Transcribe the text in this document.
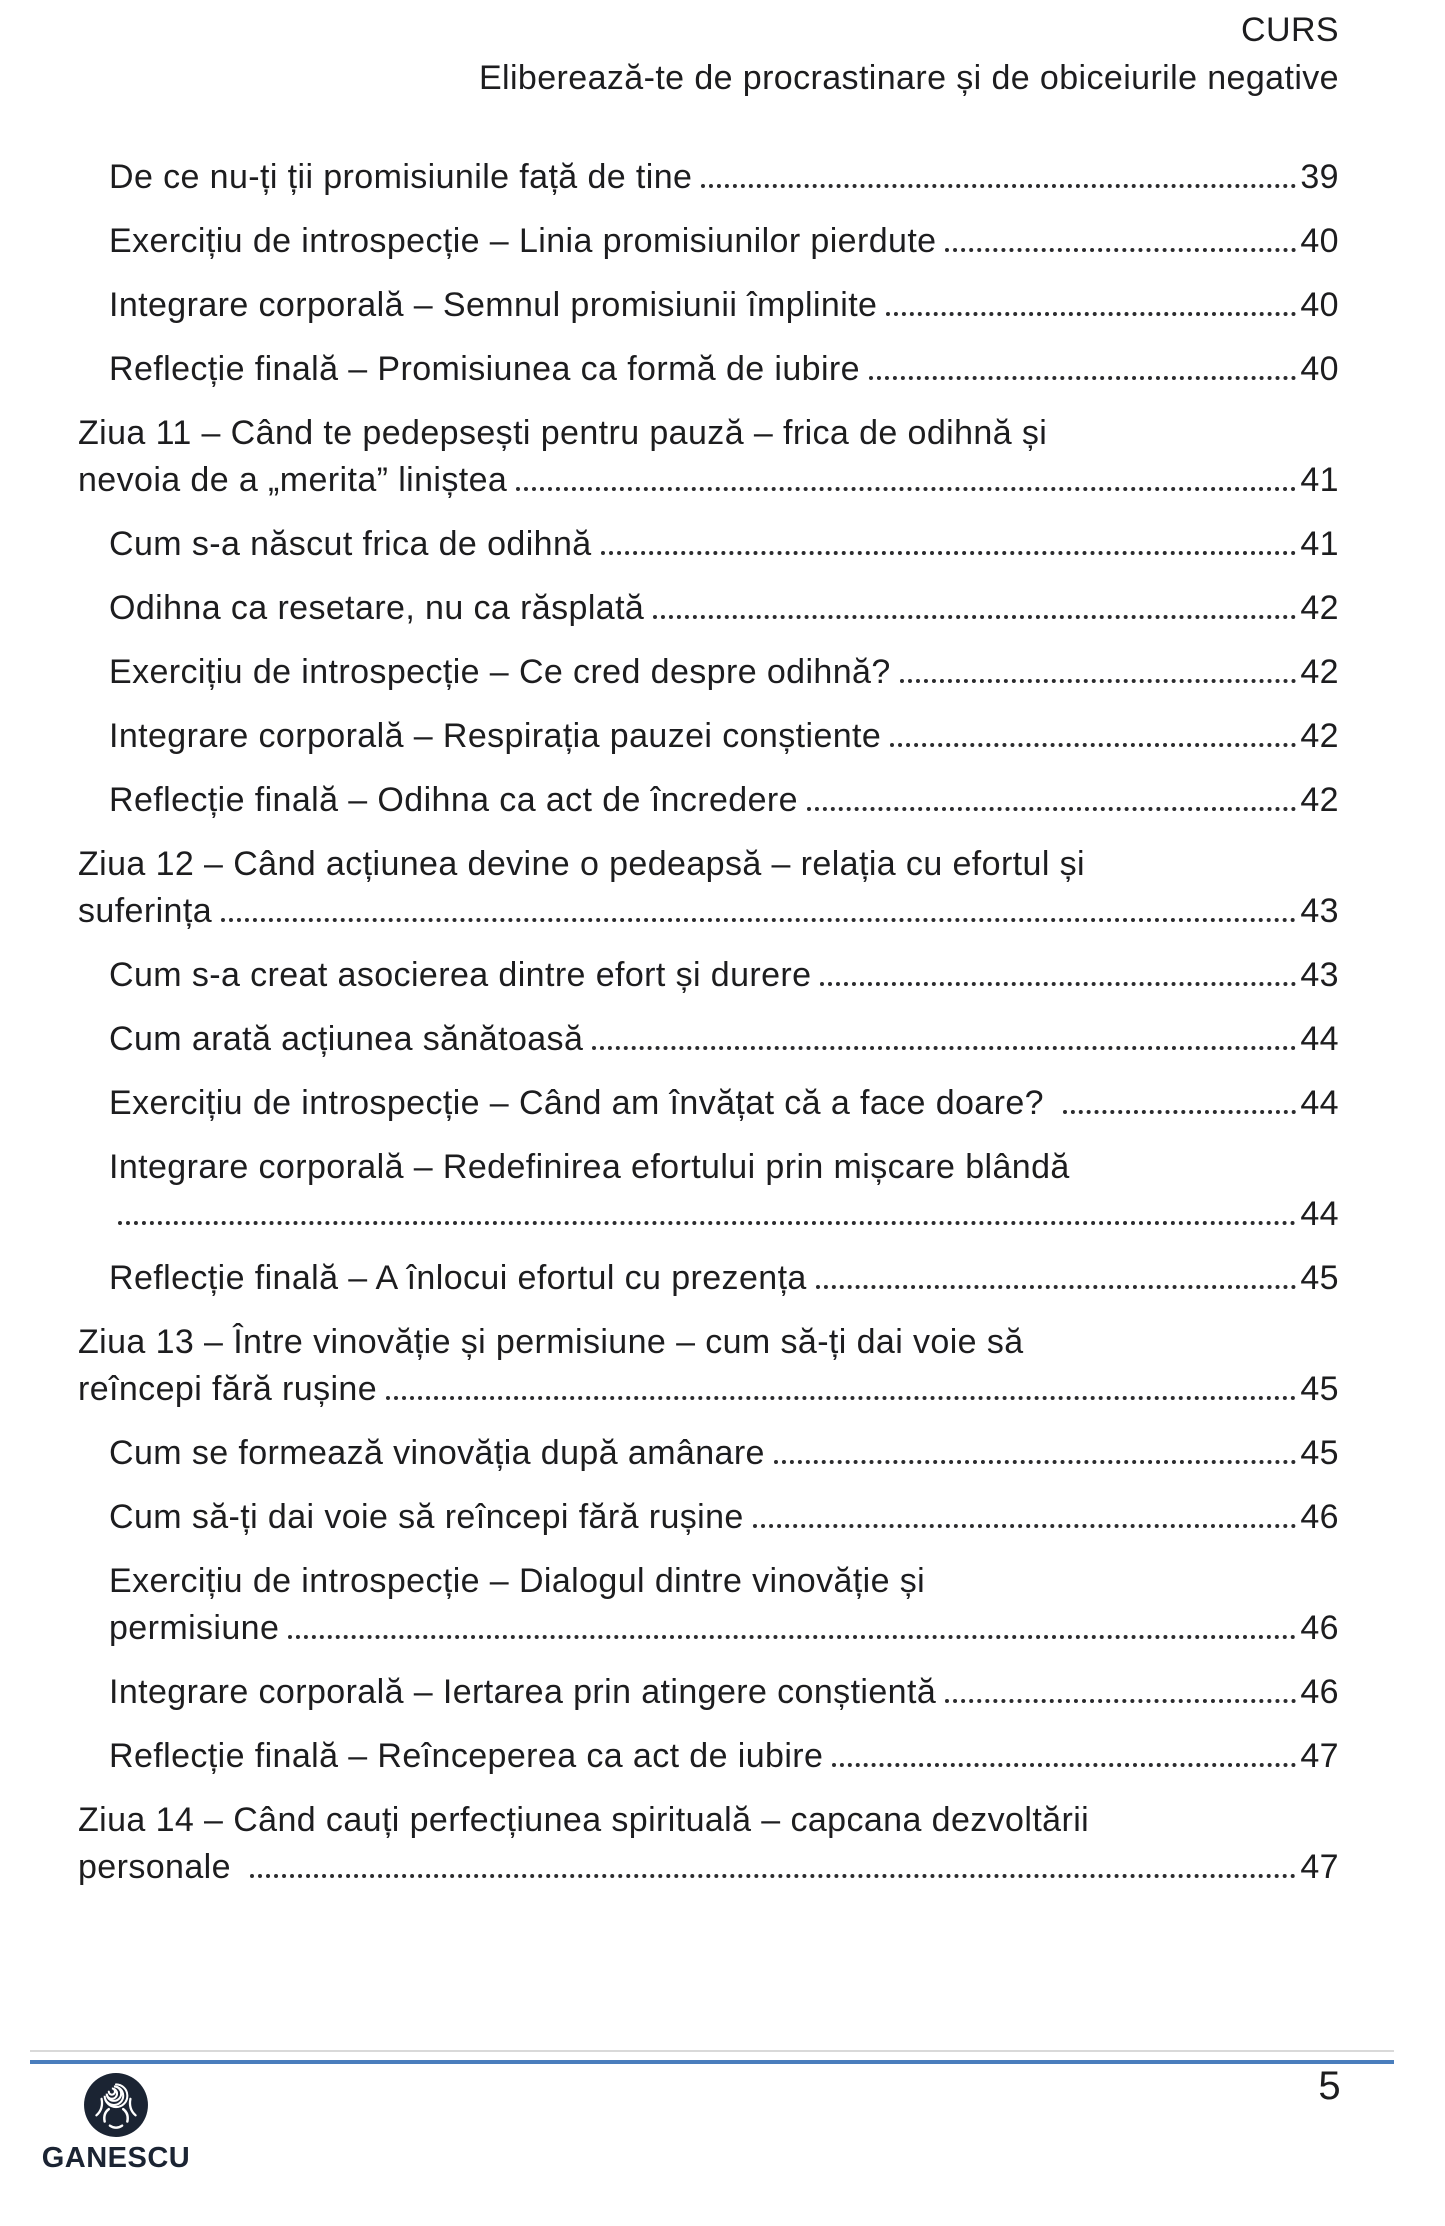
CURS
Eliberează-te de procrastinare și de obiceiurile negative
De ce nu-ți ții promisiunile față de tine	39
Exercițiu de introspecție – Linia promisiunilor pierdute	40
Integrare corporală – Semnul promisiunii împlinite	40
Reflecție finală – Promisiunea ca formă de iubire	40
Ziua 11 – Când te pedepsești pentru pauză – frica de odihnă și
nevoia de a „merita” liniștea	41
Cum s-a născut frica de odihnă	41
Odihna ca resetare, nu ca răsplată	42
Exercițiu de introspecție – Ce cred despre odihnă?	42
Integrare corporală – Respirația pauzei conștiente	42
Reflecție finală – Odihna ca act de încredere	42
Ziua 12 – Când acțiunea devine o pedeapsă – relația cu efortul și
suferința	43
Cum s-a creat asocierea dintre efort și durere	43
Cum arată acțiunea sănătoasă	44
Exercițiu de introspecție – Când am învățat că a face doare?	44
Integrare corporală – Redefinirea efortului prin mișcare blândă
44
Reflecție finală – A înlocui efortul cu prezența	45
Ziua 13 – Între vinovăție și permisiune – cum să-ți dai voie să
reîncepi fără rușine	45
Cum se formează vinovăția după amânare	45
Cum să-ți dai voie să reîncepi fără rușine	46
Exercițiu de introspecție – Dialogul dintre vinovăție și
permisiune	46
Integrare corporală – Iertarea prin atingere conștientă	46
Reflecție finală – Reînceperea ca act de iubire	47
Ziua 14 – Când cauți perfecțiunea spirituală – capcana dezvoltării
personale	47
5
GANESCU
